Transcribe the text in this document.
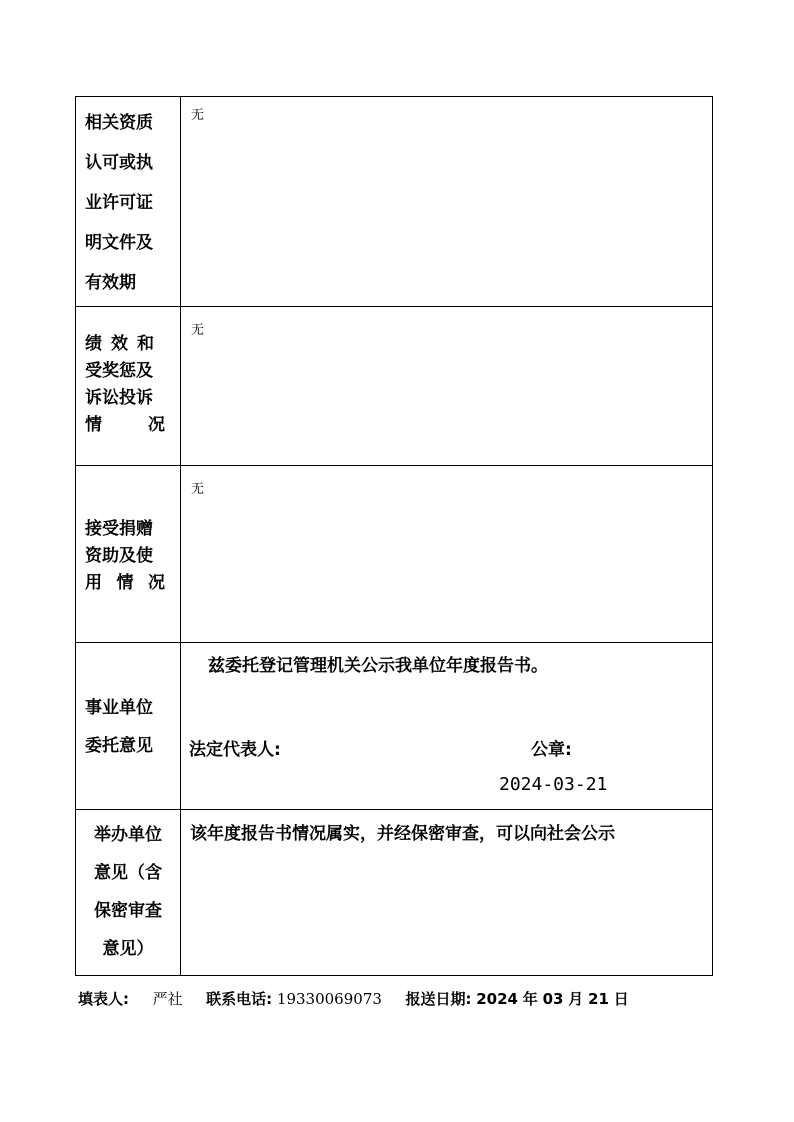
相关资质
认可或执
业许可证
明文件及
有效期	无

绩效和
受奖惩及
诉讼投诉
情 况	无

接受捐赠
资助及使
用 情 况	无

事业单位
委托意见	兹委托登记管理机关公示我单位年度报告书。
法定代表人: 公章:
2024-03-21

举办单位
意见（含
保密审查
意见）	该年度报告书情况属实，并经保密审查，可以向社会公示
填表人: 严社 联系电话: 19330069073 报送日期: 2024 年 03 月 21 日
